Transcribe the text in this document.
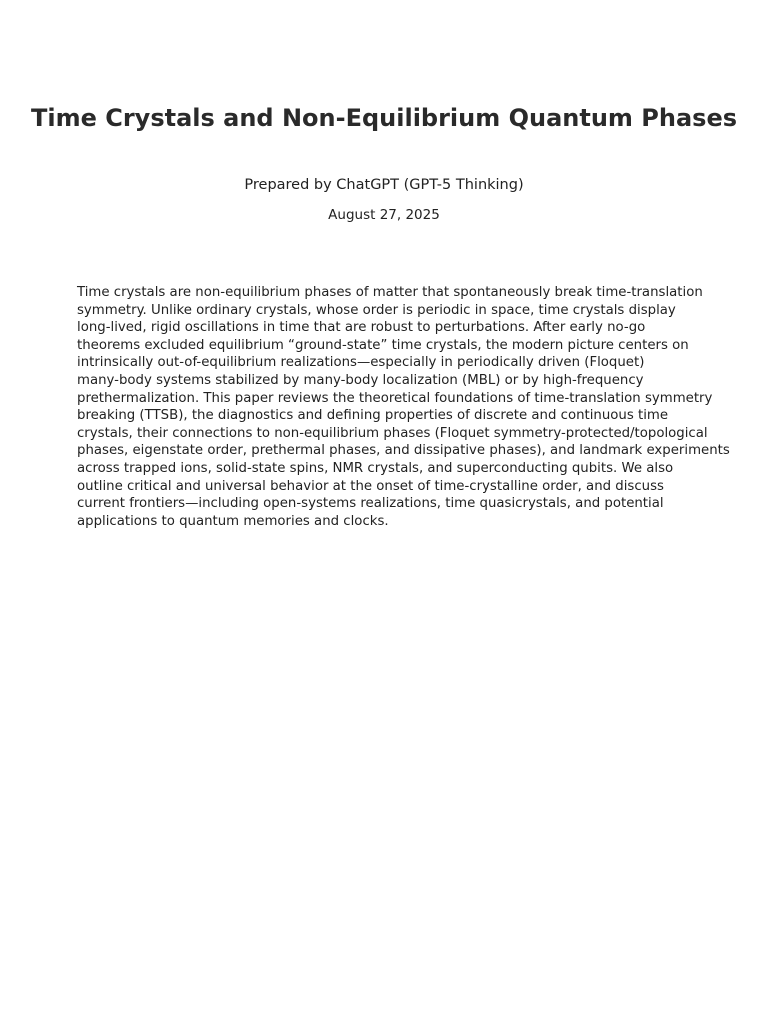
Time Crystals and Non-Equilibrium Quantum Phases

Prepared by ChatGPT (GPT-5 Thinking)

August 27, 2025

Time crystals are non-equilibrium phases of matter that spontaneously break time-translation
symmetry. Unlike ordinary crystals, whose order is periodic in space, time crystals display
long-lived, rigid oscillations in time that are robust to perturbations. After early no-go
theorems excluded equilibrium “ground-state” time crystals, the modern picture centers on
intrinsically out-of-equilibrium realizations—especially in periodically driven (Floquet)
many-body systems stabilized by many-body localization (MBL) or by high-frequency
prethermalization. This paper reviews the theoretical foundations of time-translation symmetry
breaking (TTSB), the diagnostics and defining properties of discrete and continuous time
crystals, their connections to non-equilibrium phases (Floquet symmetry-protected/topological
phases, eigenstate order, prethermal phases, and dissipative phases), and landmark experiments
across trapped ions, solid-state spins, NMR crystals, and superconducting qubits. We also
outline critical and universal behavior at the onset of time-crystalline order, and discuss
current frontiers—including open-systems realizations, time quasicrystals, and potential
applications to quantum memories and clocks.
